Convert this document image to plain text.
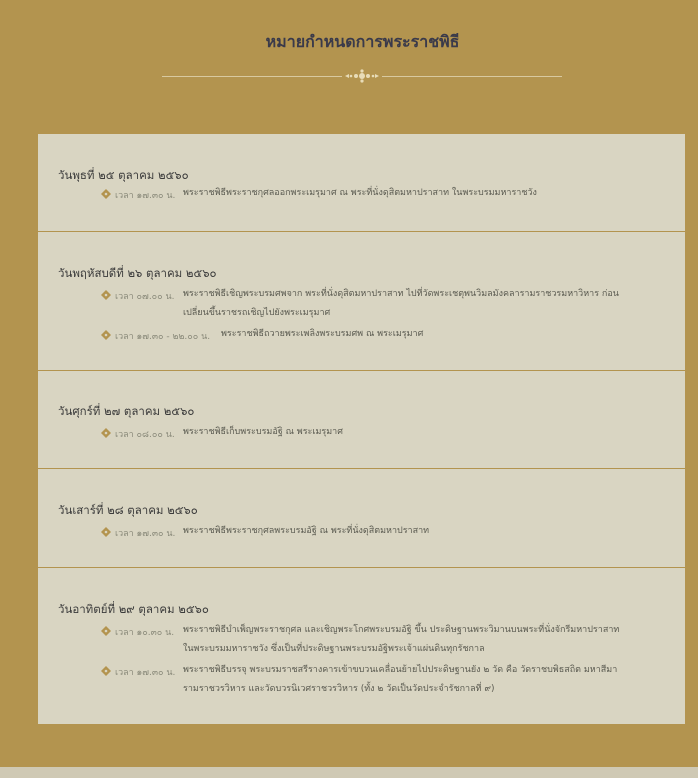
หมายกำหนดการพระราชพิธี
วันพุธที่ ๒๕ ตุลาคม ๒๕๖๐
เวลา ๑๗.๓๐ น. พระราชพิธีพระราชกุศลออกพระเมรุมาศ ณ พระที่นั่งดุสิตมหาปราสาท ในพระบรมมหาราชวัง
วันพฤหัสบดีที่ ๒๖ ตุลาคม ๒๕๖๐
เวลา ๐๗.๐๐ น. พระราชพิธีเชิญพระบรมศพจาก พระที่นั่งดุสิตมหาปราสาท ไปที่วัดพระเชตุพนวิมลมังคลารามราชวรมหาวิหาร ก่อนเปลี่ยนขึ้นราชรถเชิญไปยังพระเมรุมาศ
เวลา ๑๗.๓๐ - ๒๒.๐๐ น. พระราชพิธีถวายพระเพลิงพระบรมศพ ณ พระเมรุมาศ
วันศุกร์ที่ ๒๗ ตุลาคม ๒๕๖๐
เวลา ๐๘.๐๐ น. พระราชพิธีเก็บพระบรมอัฐิ ณ พระเมรุมาศ
วันเสาร์ที่ ๒๘ ตุลาคม ๒๕๖๐
เวลา ๑๗.๓๐ น. พระราชพิธีพระราชกุศลพระบรมอัฐิ ณ พระที่นั่งดุสิตมหาปราสาท
วันอาทิตย์ที่ ๒๙ ตุลาคม ๒๕๖๐
เวลา ๑๐.๓๐ น. พระราชพิธีบำเพ็ญพระราชกุศล และเชิญพระโกศพระบรมอัฐิ ขึ้น ประดิษฐานพระวิมานบนพระที่นั่งจักรีมหาปราสาท ในพระบรมมหาราชวัง ซึ่งเป็นที่ประดิษฐานพระบรมอัฐิพระเจ้าแผ่นดินทุกรัชกาล
เวลา ๑๗.๓๐ น. พระราชพิธีบรรจุ พระบรมราชสรีรางคารเข้าขบวนเคลื่อนย้ายไปประดิษฐานยัง ๒ วัด คือ วัดราชบพิธสถิต มหาสีมารามราชวรวิหาร และวัดบวรนิเวศราชวรวิหาร (ทั้ง ๒ วัดเป็นวัดประจำรัชกาลที่ ๙)
